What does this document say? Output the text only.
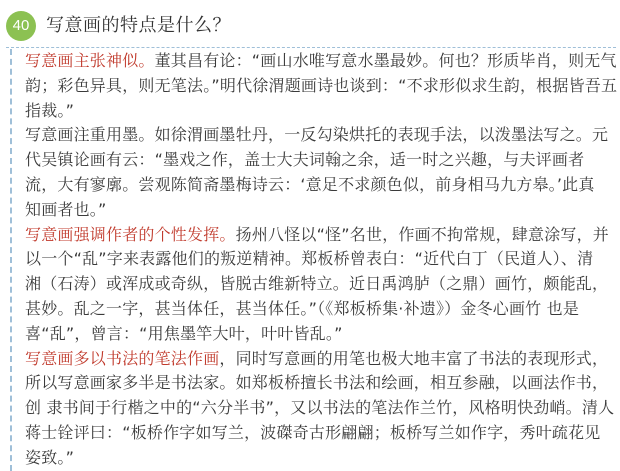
40 写意画的特点是什么？
写意画主张神似。董其昌有论：“画山水唯写意水墨最妙。何也？形质毕肖，则无气
韵；彩色异具，则无笔法。”明代徐渭题画诗也谈到：“不求形似求生韵，根据皆吾五
指裁。”
写意画注重用墨。如徐渭画墨牡丹，一反勾染烘托的表现手法，以泼墨法写之。元
代吴镇论画有云：“墨戏之作，盖士大夫词翰之余，适一时之兴趣，与夫评画者
流，大有寥廓。尝观陈简斋墨梅诗云：‘意足不求颜色似，前身相马九方皋。’此真
知画者也。”
写意画强调作者的个性发挥。扬州八怪以“怪”名世，作画不拘常规，肆意涂写，并
以一个“乱”字来表露他们的叛逆精神。郑板桥曾表白：“近代白丁（民道人）、清
湘（石涛）或浑成或奇纵，皆脱古维新特立。近日禹鸿胪（之鼎）画竹，颇能乱，
甚妙。乱之一字，甚当体任，甚当体任。”（《郑板桥集·补遗》）金冬心画竹 也是
喜“乱”，曾言：“用焦墨竿大叶，叶叶皆乱。”
写意画多以书法的笔法作画，同时写意画的用笔也极大地丰富了书法的表现形式，
所以写意画家多半是书法家。如郑板桥擅长书法和绘画，相互参融，以画法作书，
创 隶书间于行楷之中的“六分半书”，又以书法的笔法作兰竹，风格明快劲峭。清人
蒋士铨评曰：“板桥作字如写兰，波磔奇古形翩翩；板桥写兰如作字，秀叶疏花见
姿致。”
